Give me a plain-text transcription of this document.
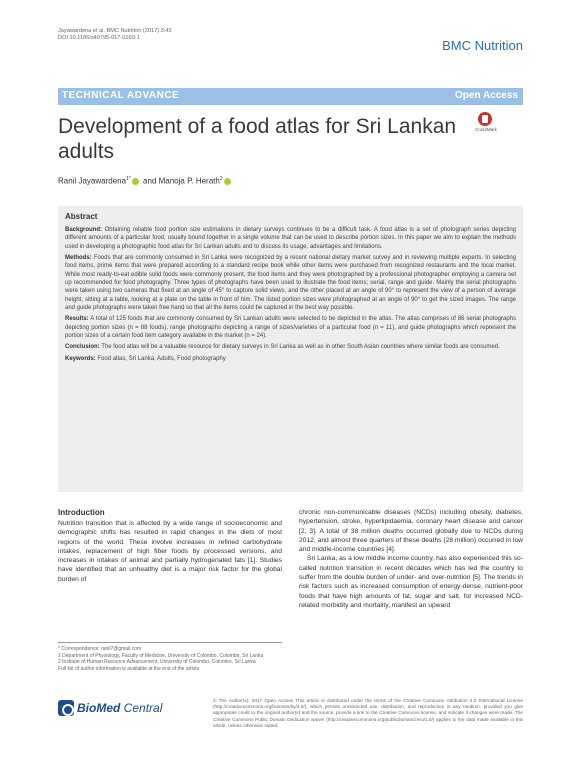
Jayawardena et al. BMC Nutrition (2017) 3:43
DOI 10.1186/s40795-017-0160-1	BMC Nutrition
TECHNICAL ADVANCE	Open Access
Development of a food atlas for Sri Lankan adults
CrossMark
Ranil Jayawardena$^{1*}$ and Manoja P. Herath$^2$
Abstract

Background: Obtaining reliable food portion size estimations in dietary surveys continues to be a difficult task. A food atlas is a set of photograph series depicting different amounts of a particular food, usually bound together in a single volume that can be used to describe portion sizes. In this paper we aim to explain the methods used in developing a photographic food atlas for Sri Lankan adults and to discuss its usage, advantages and limitations.

Methods: Foods that are commonly consumed in Sri Lanka were recognized by a recent national dietary market survey and in reviewing multiple experts. In selecting food items, prime items that were prepared according to a standard recipe book while other items were purchased from recognized restaurants and the local market. While most ready-to-eat edible solid foods were commonly present, the food items and they were photographed by a professional photographer employing a camera set up recommended for food photography. Three types of photographs have been used to illustrate the food items; serial, range and guide. Mainly the serial photographs were taken using two cameras that fixed at an angle of 45° to capture solid views, and the other placed at an angle of 90° to represent the view of a person of average height, sitting at a table, looking at a plate on the table in front of him. The listed portion sizes were photographed at an angle of 90° to get the sized images. The range and guide photographs were taken free hand so that all the items could be captured in the best way possible.

Results: A total of 125 foods that are commonly consumed by Sri Lankan adults were selected to be depicted in the atlas. The atlas comprises of 86 serial photographs depicting portion sizes (n = 88 foods), range photographs depicting a range of sizes/varieties of a particular food (n = 11), and guide photographs which represent the portion sizes of a certain food item category available in the market (n = 24).

Conclusion: The food atlas will be a valuable resource for dietary surveys in Sri Lanka as well as in other South Asian countries where similar foods are consumed.

Keywords: Food atlas, Sri Lanka, Adults, Food photography

Introduction

Nutrition transition that is affected by a wide range of socioeconomic and demographic shifts has resulted in rapid changes in the diets of most regions of the world. These involve increases in refined carbohydrate intakes, replacement of high fiber foods by processed versions, and increases in intakes of animal and partially hydrogenated fats [1]. Studies have identified that an unhealthy diet is a major risk factor for the global burden of

chronic non-communicable diseases (NCDs) including obesity, diabetes, hypertension, stroke, hyperlipidaemia, coronary heart disease and cancer [2, 3]. A total of 38 million deaths occurred globally due to NCDs during 2012, and almost three quarters of these deaths (28 million) occurred in low and middle-income countries [4].

Sri Lanka, as a low middle income country, has also experienced this so-called nutrition transition in recent decades which has led the country to suffer from the double burden of under- and over-nutrition [5]. The trends in risk factors such as increased consumption of energy-dense, nutrient-poor foods that have high amounts of fat, sugar and salt, for increased NCD-related morbidity and mortality, manifest an upward

* Correspondence: ranil7@gmail.com
1 Department of Physiology, Faculty of Medicine, University of Colombo, Colombo, Sri Lanka
2 Institute of Human Resource Advancement, University of Colombo, Colombo, Sri Lanka
Full list of author information is available at the end of the article
BioMed Central
© The Author(s). 2017 Open Access This article is distributed under the terms of the Creative Commons Attribution 4.0 International License (http://creativecommons.org/licenses/by/4.0/), which permits unrestricted use, distribution, and reproduction in any medium, provided you give appropriate credit to the original author(s) and the source, provide a link to the Creative Commons license, and indicate if changes were made. The Creative Commons Public Domain Dedication waiver (http://creativecommons.org/publicdomain/zero/1.0/) applies to the data made available in this article, unless otherwise stated.
